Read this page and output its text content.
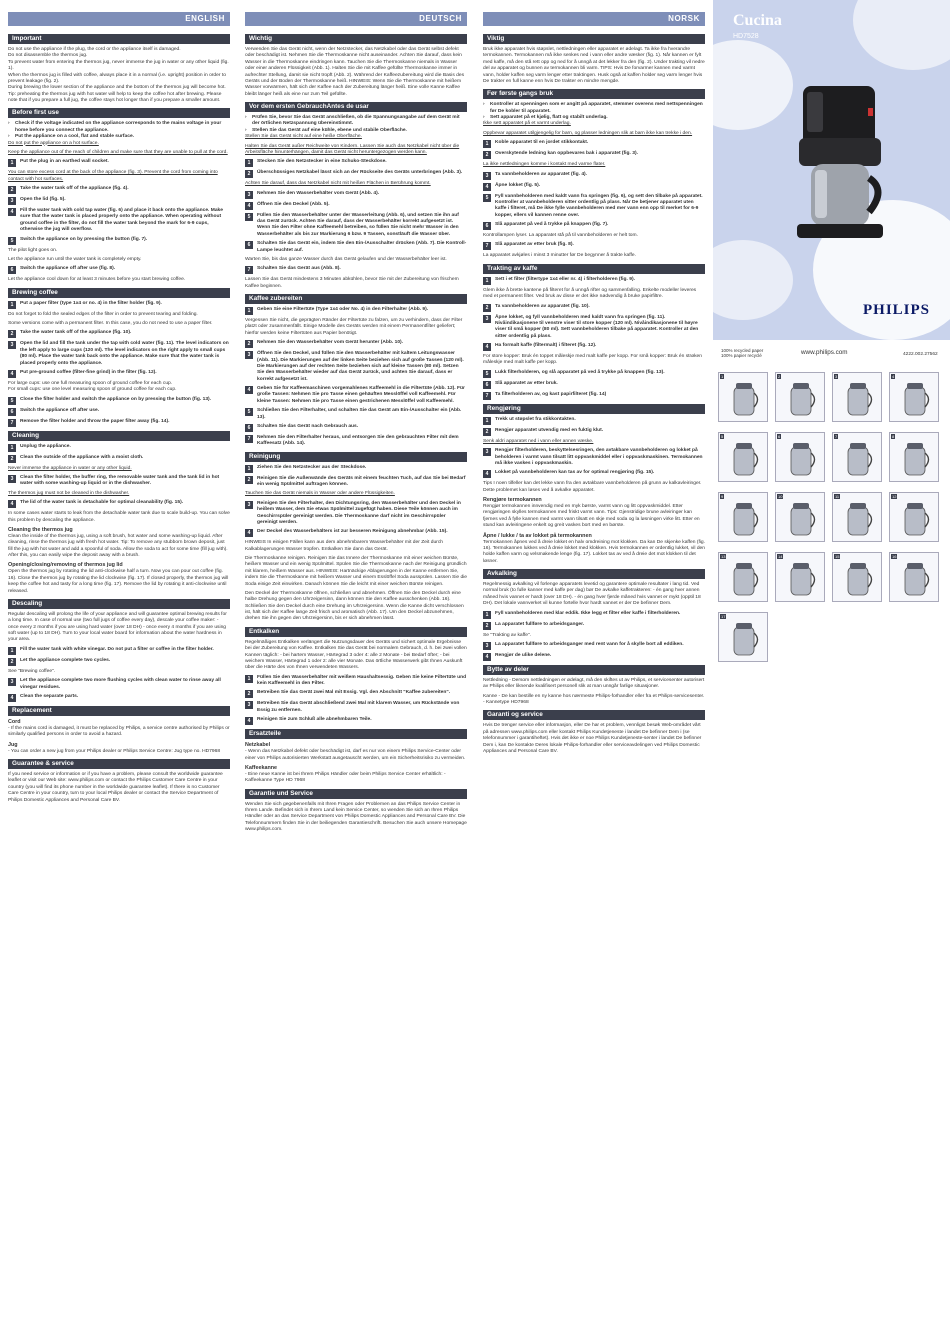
ENGLISH
Important
Do not use the appliance if the plug, the cord or the appliance itself is damaged.
Do not disassemble the thermos jug.
To prevent water from entering the thermos jug, never immerse the jug in water or any other liquid (fig. 1).
When the thermos jug is filled with coffee, always place it in a normal (i.e. upright) position in order to prevent leakage (fig. 2).
During brewing the lower section of the appliance and the bottom of the thermos jug will become hot.
Tip: preheating the thermos jug with hot water will help to keep the coffee hot after brewing. Please note that if you prepare a full jug, the coffee stays hot longer than if you prepare a smaller amount.
Before first use
›	Check if the voltage indicated on the appliance corresponds to the mains voltage in your home before you connect the appliance.
›	Put the appliance on a cool, flat and stable surface.
Do not put the appliance on a hot surface.
Keep the appliance out of the reach of children and make sure that they are unable to pull at the cord.
1	Put the plug in an earthed wall socket.
You can store excess cord at the back of the appliance (fig. 3). Prevent the cord from coming into contact with hot surfaces.
2	Take the water tank off of the appliance (fig. 4).
3	Open the lid (fig. 5).
4	Fill the water tank with cold tap water (fig. 6) and place it back onto the appliance. Make sure that the water tank is placed properly onto the appliance. When operating without ground coffee in the filter, do not fill the water tank beyond the mark for 6-9 cups, otherwise the jug will overflow.
5	Switch the appliance on by pressing the button (fig. 7).
The pilot light goes on.
Let the appliance run until the water tank is completely empty.
6	Switch the appliance off after use (fig. 8).
Let the appliance cool down for at least 3 minutes before you start brewing coffee.
Brewing coffee
1	Put a paper filter (type 1x4 or no. 4) in the filter holder (fig. 9).
Do not forget to fold the sealed edges of the filter in order to prevent tearing and folding.
Some versions come with a permanent filter. In this case, you do not need to use a paper filter.
2	Take the water tank off of the appliance (fig. 10).
3	Open the lid and fill the tank under the tap with cold water (fig. 11). The level indicators on the left apply to large cups (120 ml). The level indicators on the right apply to small cups (80 ml). Place the water tank back onto the appliance. Make sure that the water tank is placed properly onto the appliance.
4	Put pre-ground coffee (filter-fine grind) in the filter (fig. 12).
For large cups: use one full measuring spoon of ground coffee for each cup.
For small cups: use one level measuring spoon of ground coffee for each cup.
5	Close the filter holder and switch the appliance on by pressing the button (fig. 13).
6	Switch the appliance off after use.
7	Remove the filter holder and throw the paper filter away (fig. 14).
Cleaning
1	Unplug the appliance.
2	Clean the outside of the appliance with a moist cloth.
Never immerse the appliance in water or any other liquid.
3	Clean the filter holder, the buffer ring, the removable water tank and the tank lid in hot water with some washing-up liquid or in the dishwasher.
The thermos jug must not be cleaned in the dishwasher.
4	The lid of the water tank is detachable for optimal cleanability (fig. 15).
In some cases water starts to leak from the detachable water tank due to scale build-up. You can solve this problem by descaling the appliance.
Cleaning the thermos jug
Clean the inside of the thermos jug, using a soft brush, hot water and some washing-up liquid. After cleaning, rinse the thermos jug with fresh hot water. Tip: To remove any stubborn brown deposit, just fill the jug with hot water and add a spoonful of soda. Allow the soda to act for some time (fill jug with). After this, you can easily wipe the deposit away with a brush.
Opening/closing/removing of thermos jug lid
Open the thermos jug by rotating the lid anti-clockwise half a turn. Now you can pour out coffee (fig. 16). Close the thermos jug by rotating the lid clockwise (fig. 17). If closed properly, the thermos jug will keep the coffee hot and tasty for a long time (fig. 17). Remove the lid by rotating it anti-clockwise until released.
Descaling
Regular descaling will prolong the life of your appliance and will guarantee optimal brewing results for a long time. In case of normal use (two full jugs of coffee every day), descale your coffee maker: - once every 2 months if you are using hard water (over 18 DH) - once every 4 months if you are using soft water (up to 18 DH). Turn to your local water board for information about the water hardness in your area.
1	Fill the water tank with white vinegar. Do not put a filter or coffee in the filter holder.
2	Let the appliance complete two cycles.
See "Brewing coffee".
3	Let the appliance complete two more flushing cycles with clean water to rinse away all vinegar residues.
4	Clean the separate parts.
Replacement
Cord
- If the mains cord is damaged, it must be replaced by Philips, a service centre authorised by Philips or similarly qualified persons in order to avoid a hazard.
Jug
- You can order a new jug from your Philips dealer or Philips Service Centre: Jug type no. HD7968
Guarantee & service
If you need service or information or if you have a problem, please consult the worldwide guarantee leaflet or visit our Web site: www.philips.com or contact the Philips Customer Care Centre in your country (you will find its phone number in the worldwide guarantee leaflet). If there is no Customer Care Centre in your country, turn to your local Philips dealer or contact the Service Department of Philips Domestic Appliances and Personal Care BV.
DEUTSCH
Wichtig
Verwenden Sie das Gerät nicht, wenn der Netzstecker, das Netzkabel oder das Gerät selbst defekt oder beschädigt ist. Nehmen Sie die Thermoskanne nicht auseinander. Achten Sie darauf, dass kein Wasser in die Thermoskanne eindringen kann. Tauchen Sie die Thermoskanne niemals in Wasser oder einer anderen Flüssigkeit (Abb. 1). Halten Sie die mit Kaffee gefüllte Thermoskanne immer in aufrechter Stellung, damit sie nicht tropft (Abb. 2). Während der Kaffeezubereitung wird die Basis des Geräts und der Boden der Thermoskanne heiß. HINWEIS: Wenn Sie die Thermoskanne mit heißem Wasser vorwärmen, hält sich der Kaffee nach der Zubereitung länger heiß. Eine volle Kanne Kaffee bleibt länger heiß als eine nur zum Teil gefüllte.
Vor dem ersten GebrauchAntes de usar
›	Prüfen Sie, bevor Sie das Gerät anschließen, ob die Spannungsangabe auf dem Gerät mit der örtlichen Netzspannung übereinstimmt.
›	Stellen Sie das Gerät auf eine kühle, ebene und stabile Oberfläche.
Stellen Sie das Gerät nicht auf eine heiße Oberfläche.
Halten Sie das Gerät außer Reichweite von Kindern. Lassen Sie auch das Netzkabel nicht über die Arbeitsfläche hinunterhängen, damit das Gerät nicht heruntergezogen werden kann.
1	Stecken Sie den Netzstecker in eine Schuko-Steckdose.
2	Überschüssiges Netzkabel lässt sich an der Rückseite des Geräts unterbringen (Abb. 3).
Achten Sie darauf, dass das Netzkabel nicht mit heißen Flächen in Berührung kommt.
3	Nehmen Sie den Wasserbehälter vom Gerät (Abb. 4).
4	Öffnen Sie den Deckel (Abb. 5).
5	Füllen Sie den Wasserbehälter unter der Wasserleitung (Abb. 6), und setzen Sie ihn auf das Gerät zurück. Achten Sie darauf, dass der Wasserbehälter korrekt aufgesetzt ist. Wenn Sie den Filter ohne Kaffeemehl betreiben, so füllen Sie nicht mehr Wasser in den Wasserbehälter als bis zur Markierung 6 bzw. 9 Tassen, sonstläuft die Wasser über.
6	Schalten Sie das Gerät ein, indem Sie den Ein-/Ausschalter drücken (Abb. 7). Die Kontroll-Lampe leuchtet auf.
Warten Sie, bis das ganze Wasser durch das Gerät gelaufen und der Wasserbehälter leer ist.
7	Schalten Sie das Gerät aus (Abb. 8).
Lassen Sie das Gerät mindestens 3 Minuten abkühlen, bevor Sie mit der Zubereitung von frischem Kaffee beginnen.
Kaffee zubereiten
1	Geben Sie eine Filtertüte (Type 1x4 oder No. 4) in den Filterhalter (Abb. 9).
Vergessen Sie nicht, die geprägten Ränder der Filtertüte zu falzen, um zu verhindern, dass der Filter platzt oder zusammenfällt. Einige Modelle des Geräts werden mit einem Permanentfilter geliefert; hierfür werden keine Filtertüten aus Papier benötigt.
2	Nehmen Sie den Wasserbehälter vom Gerät herunter (Abb. 10).
3	Öffnen Sie den Deckel, und füllen Sie den Wasserbehälter mit kaltem Leitungswasser (Abb. 11). Die Markierungen auf der linken Seite beziehen sich auf große Tassen (120 ml). Die Markierungen auf der rechten Seite beziehen sich auf kleine Tassen (80 ml). Setzen Sie den Wasserbehälter wieder auf das Gerät zurück, und achten Sie darauf, dass er korrekt aufgesetzt ist.
4	Geben Sie für Kaffeemaschinen vorgemahlenes Kaffeemehl in die Filtertüte (Abb. 12). Für große Tassen: Nehmen Sie pro Tasse einen gehäuften Messlöffel voll Kaffeemehl. Für kleine Tassen: Nehmen Sie pro Tasse einen gestrichenen Messlöffel voll Kaffeemehl.
5	Schließen Sie den Filterhalter, und schalten Sie das Gerät am Ein-/Ausschalter ein (Abb. 13).
6	Schalten Sie das Gerät nach Gebrauch aus.
7	Nehmen Sie den Filterhalter heraus, und entsorgen Sie den gebrauchten Filter mit dem Kaffeesatz (Abb. 14).
Reinigung
1	Ziehen Sie den Netzstecker aus der Steckdose.
2	Reinigen Sie die Außenwände des Geräts mit einem feuchten Tuch, auf das Sie bei Bedarf ein wenig Spülmittel auftragen können.
Tauchen Sie das Gerät niemals in Wasser oder andere Flüssigkeiten.
3	Reinigen Sie den Filterhalter, den Dichtungsring, den Wasserbehälter und den Deckel in heißem Wasser, dem Sie etwas Spülmittel zugefügt haben. Diese Teile können auch im Geschirrspüler gereinigt werden. Die Thermoskanne darf nicht im Geschirrspüler gereinigt werden.
4	Der Deckel des Wasserbehälters ist zur besseren Reinigung abnehmbar (Abb. 15).
HINWEIS In einigen Fällen kann aus dem abnehmbarem Wasserbehälter mit der Zeit durch Kalkablagerungen Wasser tropfen. Entkalken Sie dann das Gerät.
Die Thermoskanne reinigen. Reinigen Sie das Innere der Thermoskanne mit einer weichen Bürste, heißem Wasser und ein wenig Spülmittel. Spülen Sie die Thermoskanne nach der Reinigung gründlich mit klarem, heißem Wasser aus. HINWEIS: Hartnäckige Ablagerungen in der Kanne entfernen Sie, indem Sie die Thermoskanne mit heißem Wasser und einem Esslöffel Soda ausspülen. Lassen Sie die Soda einige Zeit einwirken. Danach können Sie die leicht mit einer weichen Bürste reinigen.
Den Deckel der Thermoskanne öffnen, schließen und abnehmen. Öffnen Sie den Deckel durch eine halbe Drehung gegen den Uhrzeigersinn, dann können Sie den Kaffee ausschenken (Abb. 16). Schließen Sie den Deckel durch eine Drehung im Uhrzeigersinn. Wenn die Kanne dicht verschlossen ist, hält sich der Kaffee lange Zeit frisch und aromatisch (Abb. 17). Um den Deckel abzunehmen, drehen Sie ihn gegen den Uhrzeigersinn, bis er sich abnehmen lässt.
Entkalken
Regelmäßiges Entkalken verlängert die Nutzungsdauer des Geräts und sichert optimale Ergebnisse bei der Zubereitung von Kaffee. Entkalken Sie das Gerät bei normalem Gebrauch, d. h. bei zwei vollen Kannen täglich: - bei hartem Wasser, Härtegrad 3 oder 4: alle 2 Monate - bei Bedarf öfter; - bei weichem Wasser, Härtegrad 1 oder 2: alle vier Monate. Das örtliche Wasserwerk gibt Ihnen Auskunft über die Härte des von Ihnen verwendeten Wassers.
1	Füllen Sie den Wasserbehälter mit weißem Haushaltsessig. Geben Sie keine Filtertüte und kein Kaffeemehl in den Filter.
2	Betreiben Sie das Gerät zwei Mal mit Essig. Vgl. den Abschnitt "Kaffee zubereiten".
3	Betreiben Sie das Gerät abschließend zwei Mal mit klarem Wasser, um Rückstände von Essig zu entfernen.
4	Reinigen Sie zum Schluß alle abnehmbaren Teile.
Ersatzteile
Netzkabel
- Wenn das Netzkabel defekt oder beschädigt ist, darf es nur von einem Philips Service-Center oder einer von Philips autorisierten Werkstatt ausgetauscht werden, um ein Sicherheitsrisiko zu vermeiden.
Kaffeekanne
- Eine neue Kanne ist bei Ihrem Philips Händler oder beim Philips Service Center erhältlich: - Kaffeekanne Type HD 7968
Garantie und Service
Wenden Sie sich gegebenenfalls mit Ihren Fragen oder Problemen an das Philips Service Center in Ihrem Lande. Befindet sich in Ihrem Land kein Service Center, so wenden Sie sich an Ihren Philips Händler oder an das Service Department von Philips Domestic Appliances and Personal Care BV. Die Telefonnummern finden Sie in der beiliegenden Garantieschrift. Besuchen Sie auch unsere Homepage www.philips.com.
NORSK
Viktig
Bruk ikke apparatet hvis støpslet, nettledningen eller apparatet er ødelagt. Ta ikke fra hverandre termokannen. Termokannen må ikke senkes ned i vann eller andre væsker (fig. 1). Når kannen er fylt med kaffe, må den stå rett opp og ned for å unngå at det lekker fra den (fig. 2). Under trakting vil nedre del av apparatet og bunnen av termokannen bli varm. TIPS: Hvis De forvarmer kannen med varmt vann, holder kaffen seg varm lenger etter traktingen. Husk også at kaffen holder seg varm lenger hvis De trakter en full kanne enn hvis De trakter en mindre mengde.
Før første gangs bruk
›	Kontroller at spenningen som er angitt på apparatet, stemmer overens med nettspenningen før De kobler til apparatet.
›	Sett apparatet på et kjølig, flatt og stabilt underlag.
Ikke sett apparatet på et varmt underlag.
Oppbevar apparatet utilgjengelig for barn, og plasser ledningen slik at barn ikke kan trekke i den.
1	Koble apparatet til en jordet stikkontakt.
2	Overskytende ledning kan oppbevares bak i apparatet (fig. 3).
La ikke nettledningen komme i kontakt med varme flater.
3	Ta vannbeholderen av apparatet (fig. 4).
4	Åpne lokket (fig. 5).
5	Fyll vannbeholderen med kaldt vann fra springen (fig. 6), og sett den tilbake på apparatet. Kontroller at vannbeholderen sitter ordentlig på plass. Når De betjener apparatet uten kaffe i filteret, må De ikke fylle vannbeholderen med mer vann enn opp til merket for 6-9 kopper, ellers vil kannen renne over.
6	Slå apparatet på ved å trykke på knappen (fig. 7).
Kontrollampen lyser. La apparatet stå på til vannbeholderen er helt tom.
7	Slå apparatet av etter bruk (fig. 8).
La apparatet avkjøles i minst 3 minutter før De begynner å trakte kaffe.
Trakting av kaffe
1	Sett i et filter (filtertype 1x4 eller nr. 4) i filterholderen (fig. 9).
Glem ikke å brette kantene på filteret for å unngå rifter og sammenfalling. Enkelte modeller leveres med et permanent filter. Ved bruk av disse er det ikke nødvendig å bruke papirfiltre.
2	Ta vannbeholderen av apparatet (fig. 10).
3	Åpne lokket, og fyll vannbeholderen med kaldt vann fra springen (fig. 11). Nivåindikasjonene til venstre viser til store kopper (120 ml). Nivåindikasjonene til høyre viser til små kopper (80 ml). Sett vannbeholderen tilbake på apparatet. Kontroller at den sitter ordentlig på plass.
4	Ha formalt kaffe (filtermalt) i filteret (fig. 12).
For store kopper: Bruk én toppet måleskje med malt kaffe per kopp. For små kopper: Bruk én strøken måleskje med malt kaffe per kopp.
5	Lukk filterholderen, og slå apparatet på ved å trykke på knappen (fig. 13).
6	Slå apparatet av etter bruk.
7	Ta filterholderen av, og kast papirfilteret (fig. 14)
Rengjøring
1	Trekk ut støpslet fra stikkontakten.
2	Rengjør apparatet utvendig med en fuktig klut.
Senk aldri apparatet ned i vann eller annen væske.
3	Rengjør filterholderen, beskyttelsesringen, den avtakbare vannbeholderen og lokket på beholderen i varmt vann tilsatt litt oppvaskmiddel eller i oppvaskmaskinen. Termokannen må ikke vaskes i oppvaskmaskin.
4	Lokket på vannbeholderen kan tas av for optimal rengjøring (fig. 15).
Tips I noen tilfeller kan det lekke vann fra den avtakbare vannbeholderen på grunn av kalkavleiringer. Dette problemet kan løses ved å avkalke apparatet.
Rengjøre termokannen
Rengjør termokannen innvendig med en myk børste, varmt vann og litt oppvaskmiddel. Etter rengjøringen skylles termokannen med friskt varmt vann. Tips: Gjenstridige brune avleiringer kan fjernes ved å fylle kannen med varmt vann tilsatt en skje med soda og la løsningen virke litt. Etter en stund kan avleiringene enkelt og greit vaskes bort med en børste.
Åpne / lukke / ta av lokket på termokannen
Termokannen åpnes ved å dreie lokket en halv omdreining mot klokken. Da kan De skjenke kaffen (fig. 16). Termokannen lukkes ved å dreie lokket med klokken. Hvis termokannen er ordentlig lukket, vil den holde kaffen varm og velsmakende lenge (fig. 17). Lokket tas av ved å dreie det mot klokken til det løsner.
Avkalking
Regelmessig avkalking vil forlenge apparatets levetid og garantere optimale resultater i lang tid. Ved normal bruk (to fulle kanner med kaffe per dag) bør De avkalke kaffetrakteren: - én gang hver annen måned hvis vannet er hardt (over 18 DH). - én gang hver fjerde måned hvis vannet er mykt (opptil 18 DH). Det lokale vannverket vil kunne fortelle hvor hardt vannet er der De befinner Dem.
1	Fyll vannbeholderen med klar eddik. Ikke legg et filter eller kaffe i filterholderen.
2	La apparatet fullføre to arbeidsganger.
Se "Trakting av kaffe".
3	La apparatet fullføre to arbeidsganger med rent vann for å skylle bort all eddiken.
4	Rengjør de ulike delene.
Bytte av deler
Nettledning - Dersom nettledningen er ødelagt, må den skiftes ut av Philips, et servicesenter autorisert av Philips eller liknende kvalifisert personell slik at man unngår farlige situasjoner.
Kanne - De kan bestille en ny kanne hos nærmeste Philips-forhandler eller fra et Philips-servicesenter. - Kannetype HD7968
Garanti og service
Hvis De trenger service eller informasjon, eller De har et problem, vennligst besøk Web-området vårt på adressen www.philips.com eller kontakt Philips Kundetjeneste i landet De befinner Dem i (se telefonnummer i garantiheftet). Hvis det ikke er noe Philips Kundetjeneste-senter i landet De befinner Dem i, kan De kontakte Deres lokale Philips-forhandler eller serviceavdelingen ved Philips Domestic Appliances and Personal Care BV.
Cucina
HD7528
PHILIPS
100% recycled paper
100% papier recyclé	www.philips.com	4222.002.27562
1	2	3	4
5	6	7	8
9	10	11	12
13	14	15	16
17
